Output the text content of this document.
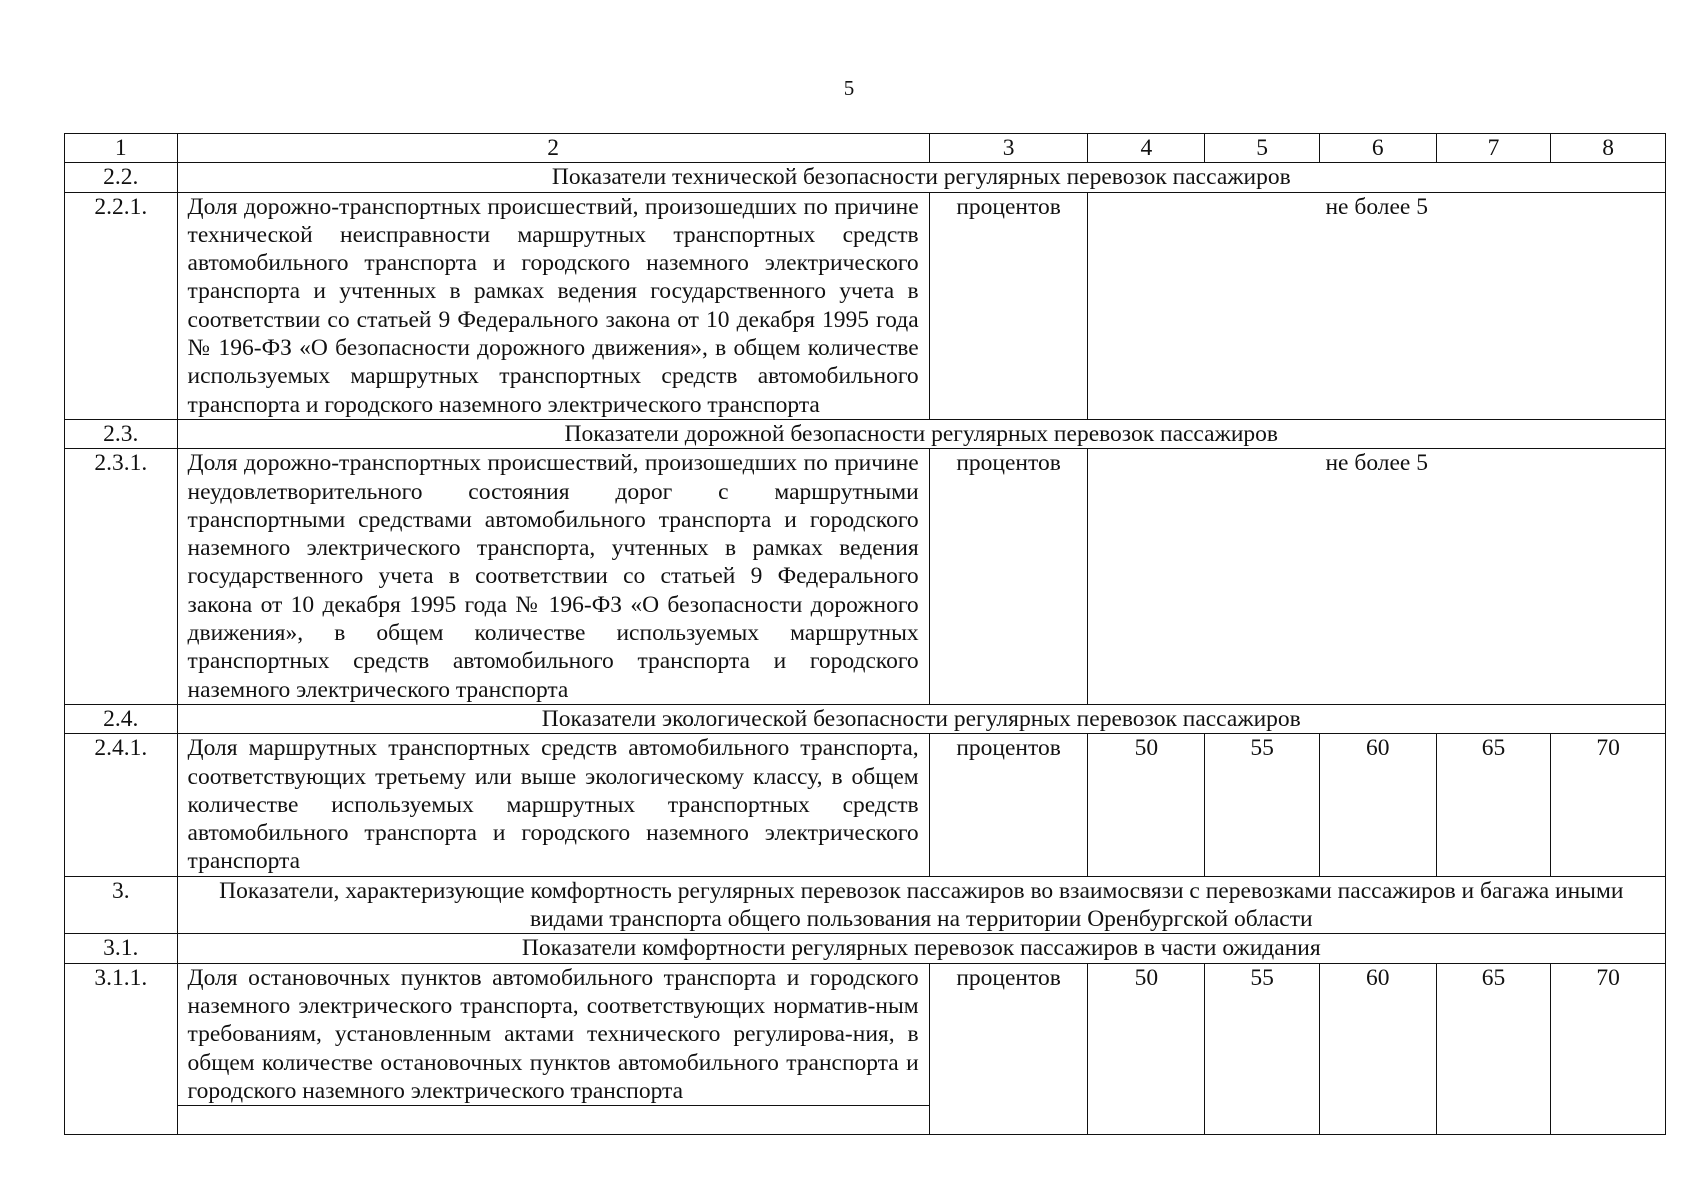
5
1	2	3	4	5	6	7	8
2.2.	Показатели технической безопасности регулярных перевозок пассажиров						
2.2.1.	Доля дорожно-транспортных происшествий, произошедших по причине технической неисправности маршрутных транспортных средств автомобильного транспорта и городского наземного электрического транспорта и учтенных в рамках ведения государственного учета в соответствии со статьей 9 Федерального закона от 10 декабря 1995 года № 196-ФЗ «О безопасности дорожного движения», в общем количестве используемых маршрутных транспортных средств автомобильного транспорта и городского наземного электрического транспорта	процентов	не более 5				
2.3.	Показатели дорожной безопасности регулярных перевозок пассажиров						
2.3.1.	Доля дорожно-транспортных происшествий, произошедших по причине неудовлетворительного состояния дорог с маршрутными транспортными средствами автомобильного транспорта и городского наземного электрического транспорта, учтенных в рамках ведения государственного учета в соответствии со статьей 9 Федерального закона от 10 декабря 1995 года № 196-ФЗ «О безопасности дорожного движения», в общем количестве используемых маршрутных транспортных средств автомобильного транспорта и городского наземного электрического транспорта	процентов	не более 5				
2.4.	Показатели экологической безопасности регулярных перевозок пассажиров						
2.4.1.	Доля маршрутных транспортных средств автомобильного транспорта, соответствующих третьему или выше экологическому классу, в общем количестве используемых маршрутных транспортных средств автомобильного транспорта и городского наземного электрического транспорта	процентов	50	55	60	65	70
3.	Показатели, характеризующие комфортность регулярных перевозок пассажиров во взаимосвязи с перевозками пассажиров и багажа иными видами транспорта общего пользования на территории Оренбургской области						
3.1.	Показатели комфортности регулярных перевозок пассажиров в части ожидания						
3.1.1.	Доля остановочных пунктов автомобильного транспорта и городского наземного электрического транспорта, соответствующих норматив-ным требованиям, установленным актами технического регулирова-ния, в общем количестве остановочных пунктов автомобильного транспорта и городского наземного электрического транспорта	процентов	50	55	60	65	70
